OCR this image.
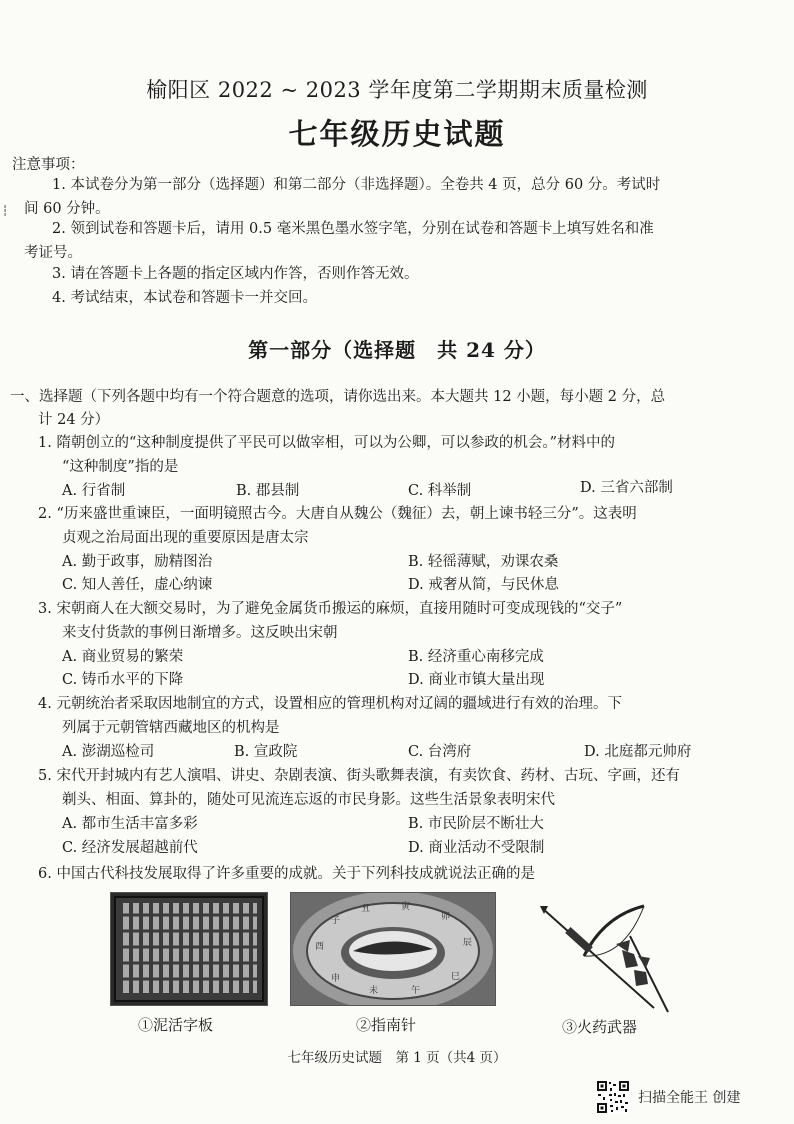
┆
榆阳区 2022 ~ 2023 学年度第二学期期末质量检测
七年级历史试题
注意事项：
1. 本试卷分为第一部分（选择题）和第二部分（非选择题）。全卷共 4 页，总分 60 分。考试时
间 60 分钟。
2. 领到试卷和答题卡后，请用 0.5 毫米黑色墨水签字笔，分别在试卷和答题卡上填写姓名和准
考证号。
3. 请在答题卡上各题的指定区域内作答，否则作答无效。
4. 考试结束，本试卷和答题卡一并交回。
第一部分（选择题　共 24 分）
一、选择题（下列各题中均有一个符合题意的选项，请你选出来。本大题共 12 小题，每小题 2 分，总
计 24 分）
1. 隋朝创立的“这种制度提供了平民可以做宰相，可以为公卿，可以参政的机会。”材料中的
“这种制度”指的是
A. 行省制	B. 郡县制	C. 科举制	D. 三省六部制
2. “历来盛世重谏臣，一面明镜照古今。大唐自从魏公（魏征）去，朝上谏书轻三分”。这表明
贞观之治局面出现的重要原因是唐太宗
A. 勤于政事，励精图治	B. 轻徭薄赋，劝课农桑
C. 知人善任，虚心纳谏	D. 戒奢从简，与民休息
3. 宋朝商人在大额交易时，为了避免金属货币搬运的麻烦，直接用随时可变成现钱的“交子”
来支付货款的事例日渐增多。这反映出宋朝
A. 商业贸易的繁荣	B. 经济重心南移完成
C. 铸币水平的下降	D. 商业市镇大量出现
4. 元朝统治者采取因地制宜的方式，设置相应的管理机构对辽阔的疆域进行有效的治理。下
列属于元朝管辖西藏地区的机构是
A. 澎湖巡检司	B. 宣政院	C. 台湾府	D. 北庭都元帅府
5. 宋代开封城内有艺人演唱、讲史、杂剧表演、街头歌舞表演，有卖饮食、药材、古玩、字画，还有
剃头、相面、算卦的，随处可见流连忘返的市民身影。这些生活景象表明宋代
A. 都市生活丰富多彩	B. 市民阶层不断壮大
C. 经济发展超越前代	D. 商业活动不受限制
6. 中国古代科技发展取得了许多重要的成就。关于下列科技成就说法正确的是
①泥活字板
子
丑	寅
卯
辰
巳
午
未
申
酉
②指南针	③火药武器
七年级历史试题　第 1 页（共4 页）
扫描全能王 创建
